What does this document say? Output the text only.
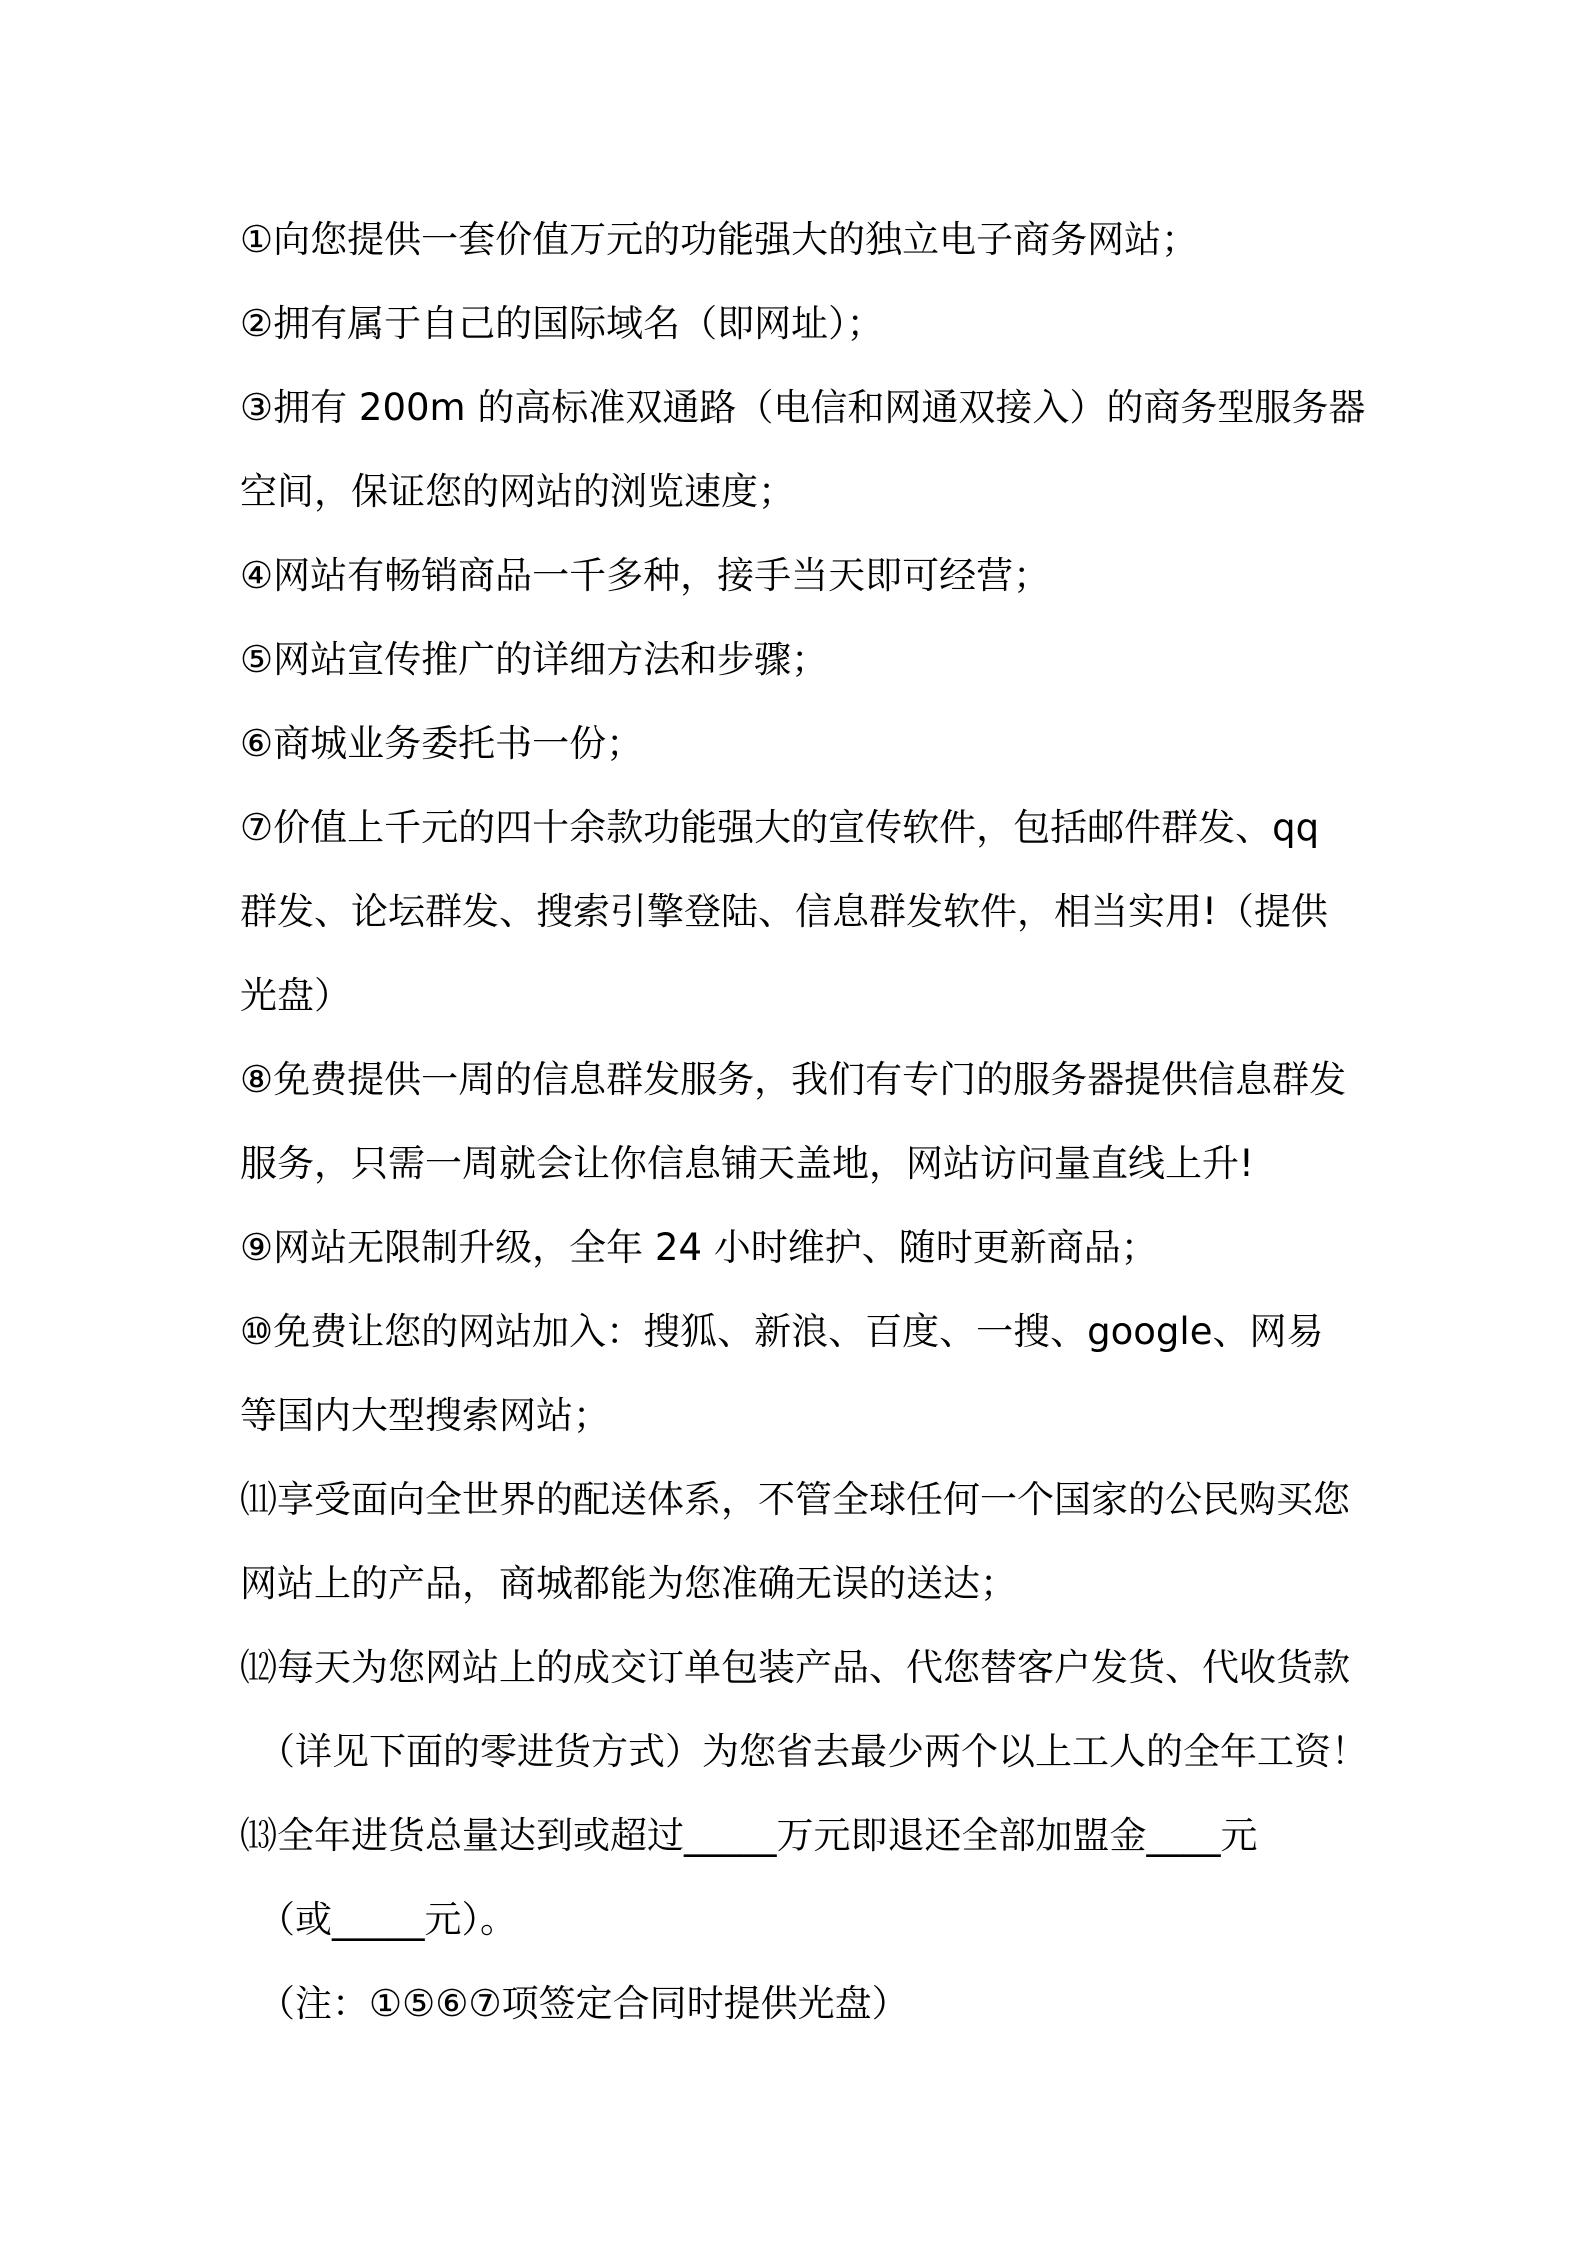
①向您提供一套价值万元的功能强大的独立电子商务网站；
②拥有属于自己的国际域名（即网址）；
③拥有 200m 的高标准双通路（电信和网通双接入）的商务型服务器
空间，保证您的网站的浏览速度；
④网站有畅销商品一千多种，接手当天即可经营；
⑤网站宣传推广的详细方法和步骤；
⑥商城业务委托书一份；
⑦价值上千元的四十余款功能强大的宣传软件，包括邮件群发、qq
群发、论坛群发、搜索引擎登陆、信息群发软件，相当实用!（提供
光盘）
⑧免费提供一周的信息群发服务，我们有专门的服务器提供信息群发
服务，只需一周就会让你信息铺天盖地，网站访问量直线上升!
⑨网站无限制升级，全年 24 小时维护、随时更新商品；
⑩免费让您的网站加入：搜狐、新浪、百度、一搜、google、网易
等国内大型搜索网站；
⑾享受面向全世界的配送体系，不管全球任何一个国家的公民购买您
网站上的产品，商城都能为您准确无误的送达；
⑿每天为您网站上的成交订单包装产品、代您替客户发货、代收货款
（详见下面的零进货方式）为您省去最少两个以上工人的全年工资！
⒀全年进货总量达到或超过_____万元即退还全部加盟金____元
（或_____元）。
（注：①⑤⑥⑦项签定合同时提供光盘）
